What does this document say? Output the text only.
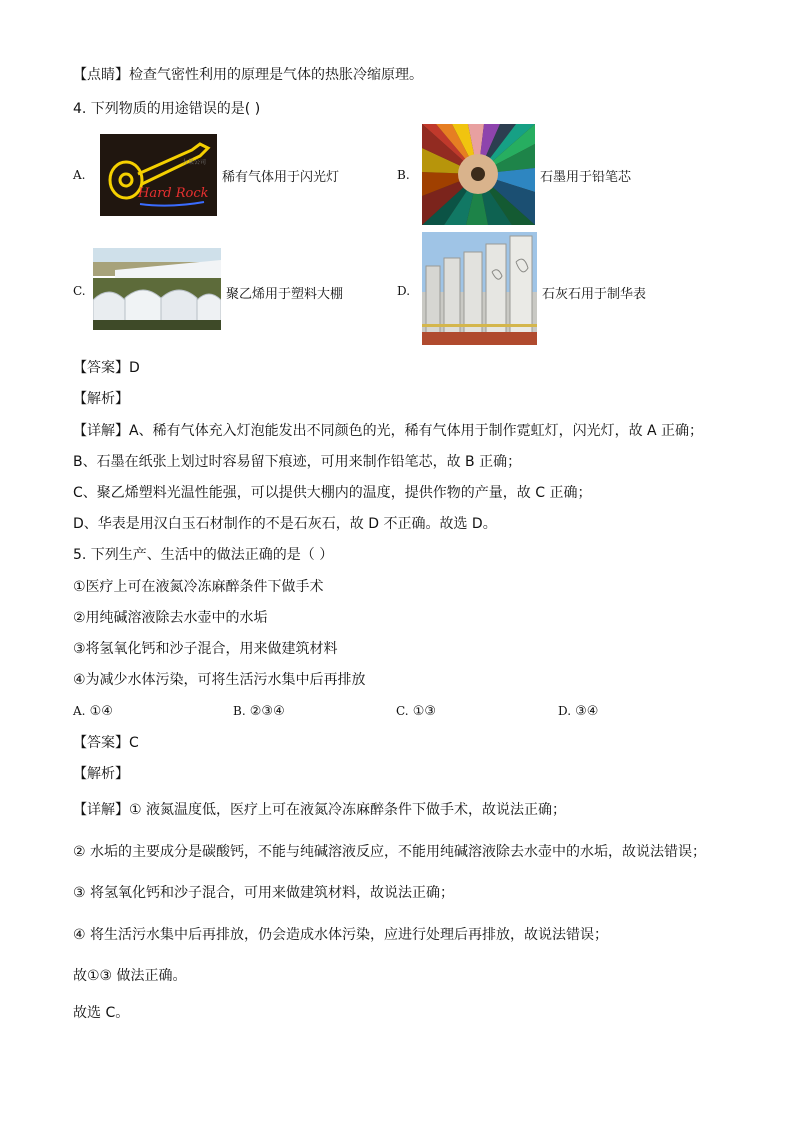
【点睛】检查气密性利用的原理是气体的热胀冷缩原理。
4. 下列物质的用途错误的是( )
A.
Hard Rock
力果公司
稀有气体用于闪光灯	B.	石墨用于铅笔芯
C.	聚乙烯用于塑料大棚	D.	石灰石用于制华表
【答案】D
【解析】
【详解】A、稀有气体充入灯泡能发出不同颜色的光，稀有气体用于制作霓虹灯，闪光灯，故 A 正确；
B、石墨在纸张上划过时容易留下痕迹，可用来制作铅笔芯，故 B 正确；
C、聚乙烯塑料光温性能强，可以提供大棚内的温度，提供作物的产量，故 C 正确；
D、华表是用汉白玉石材制作的不是石灰石，故 D 不正确。故选 D。
5. 下列生产、生活中的做法正确的是（ ）
①医疗上可在液氮冷冻麻醉条件下做手术
②用纯碱溶液除去水壶中的水垢
③将氢氧化钙和沙子混合，用来做建筑材料
④为减少水体污染，可将生活污水集中后再排放
A. ①④	B. ②③④	C. ①③	D. ③④
【答案】C
【解析】
【详解】① 液氮温度低，医疗上可在液氮冷冻麻醉条件下做手术，故说法正确；
② 水垢的主要成分是碳酸钙，不能与纯碱溶液反应，不能用纯碱溶液除去水壶中的水垢，故说法错误；
③ 将氢氧化钙和沙子混合，可用来做建筑材料，故说法正确；
④ 将生活污水集中后再排放，仍会造成水体污染，应进行处理后再排放，故说法错误；
故①③ 做法正确。
故选 C。
